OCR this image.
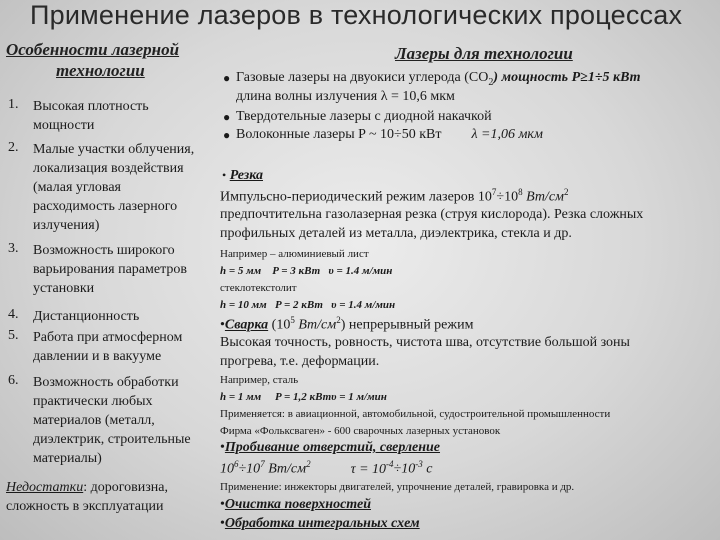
Применение лазеров в технологических процессах
Особенности лазерной
технологии
1. Высокая плотность
мощности
2. Малые участки облучения,
локализация воздействия
(малая угловая
расходимость лазерного
излучения)
3. Возможность широкого
варьирования параметров
установки
4. Дистанционность
5. Работа при атмосферном
давлении и в вакууме
6. Возможность обработки
практически любых
материалов (металл,
диэлектрик, строительные
материалы)
Недостатки: дороговизна,
сложность в эксплуатации
Лазеры для технологии
● Газовые лазеры на двуокиси углерода $(CO_2)$ мощность P≥1÷5 кВт
длина волны излучения λ = 10,6 мкм
● Твердотельные лазеры с диодной накачкой
● Волоконные лазеры P ~ 10÷50 кВт λ =1,06 мкм
• Резка
Импульсно-периодический режим лазеров $10^7\div 10^8$ $Вт/см^2$
предпочтительна газолазерная резка (струя кислорода). Резка сложных
профильных деталей из металла, диэлектрика, стекла и др.
Например – алюминиевый лист
h = 5 мм    P = 3 кВт   υ = 1.4 м/мин
стеклотекстолит
h = 10 мм   P = 2 кВт   υ = 1.4 м/мин
•Сварка ($10^5$ $Вт/см^2$) непрерывный режим
Высокая точность, ровность, чистота шва, отсутствие большой зоны
прогрева, т.е. деформации.
Например, сталь
h = 1 мм     P = 1,2 кВтυ = 1 м/мин
Применяется: в авиационной, автомобильной, судостроительной промышленности
Фирма «Фольксваген» - 600 сварочных лазерных установок
•Пробивание отверстий, сверление
$10^6\div 10^7$ $Вт/см^2$	$\tau = 10^{-4}\div 10^{-3}$ с
Применение: инжекторы двигателей, упрочнение деталей, гравировка и др.
•Очистка поверхностей
•Обработка интегральных схем
